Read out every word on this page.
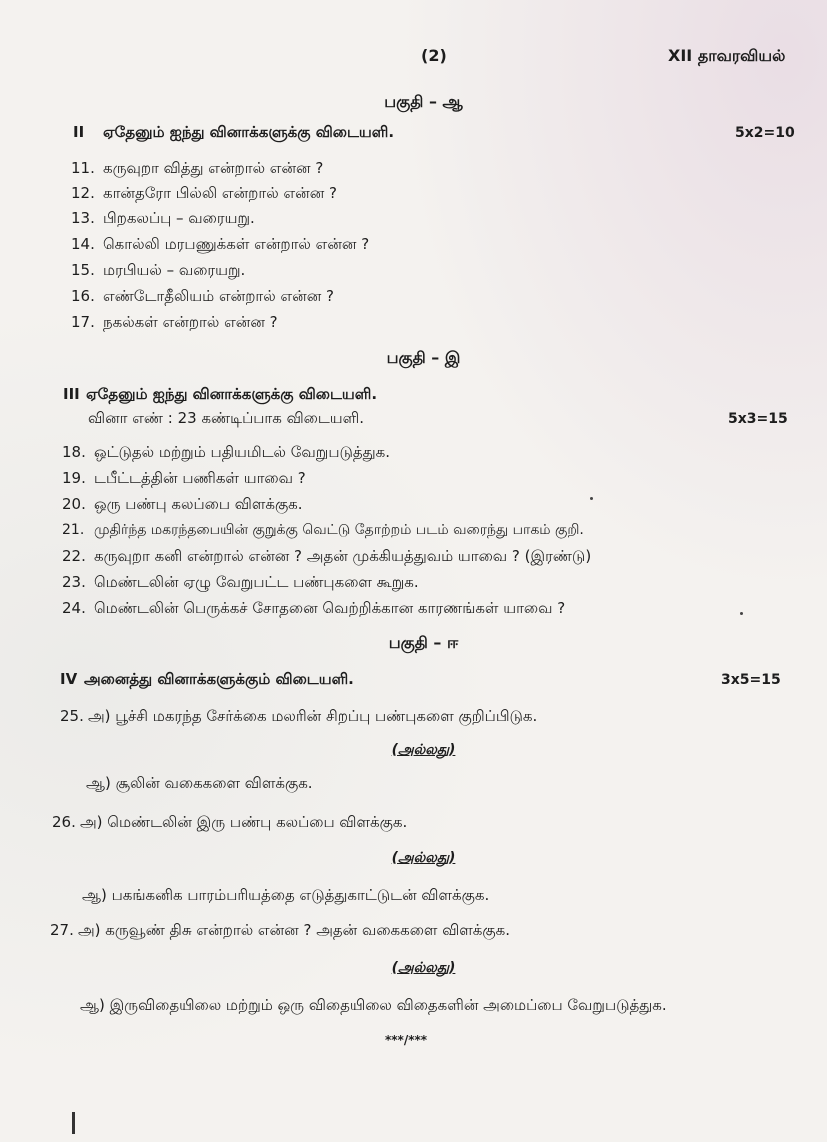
(2)	XII தாவரவியல்
பகுதி – ஆ
II ஏதேனும் ஐந்து வினாக்களுக்கு விடையளி.	5x2=10
11. கருவுறா வித்து என்றால் என்ன ?
12. கான்தரோ பில்லி என்றால் என்ன ?
13. பிறகலப்பு – வரையறு.
14. கொல்லி மரபணுக்கள் என்றால் என்ன ?
15. மரபியல் – வரையறு.
16. எண்டோதீலியம் என்றால் என்ன ?
17. நகல்கள் என்றால் என்ன ?
பகுதி – இ
III ஏதேனும் ஐந்து வினாக்களுக்கு விடையளி.
வினா எண் : 23 கண்டிப்பாக விடையளி.	5x3=15
18. ஒட்டுதல் மற்றும் பதியமிடல் வேறுபடுத்துக.
19. டபீட்டத்தின் பணிகள் யாவை ?
20. ஒரு பண்பு கலப்பை விளக்குக.
21. முதிர்ந்த மகரந்தபையின் குறுக்கு வெட்டு தோற்றம் படம் வரைந்து பாகம் குறி.
22. கருவுறா கனி என்றால் என்ன ? அதன் முக்கியத்துவம் யாவை ? (இரண்டு)
23. மெண்டலின் ஏழு வேறுபட்ட பண்புகளை கூறுக.
24. மெண்டலின் பெருக்கச் சோதனை வெற்றிக்கான காரணங்கள் யாவை ?
பகுதி – ஈ
IV அனைத்து வினாக்களுக்கும் விடையளி.	3x5=15
25. அ) பூச்சி மகரந்த சேர்க்கை மலரின் சிறப்பு பண்புகளை குறிப்பிடுக.
(அல்லது)
ஆ) சூலின் வகைகளை விளக்குக.
26. அ) மெண்டலின் இரு பண்பு கலப்பை விளக்குக.
(அல்லது)
ஆ) பகங்கனிக பாரம்பரியத்தை எடுத்துகாட்டுடன் விளக்குக.
27. அ) கருவூண் திசு என்றால் என்ன ? அதன் வகைகளை விளக்குக.
(அல்லது)
ஆ) இருவிதையிலை மற்றும் ஒரு விதையிலை விதைகளின் அமைப்பை வேறுபடுத்துக.
***/***
